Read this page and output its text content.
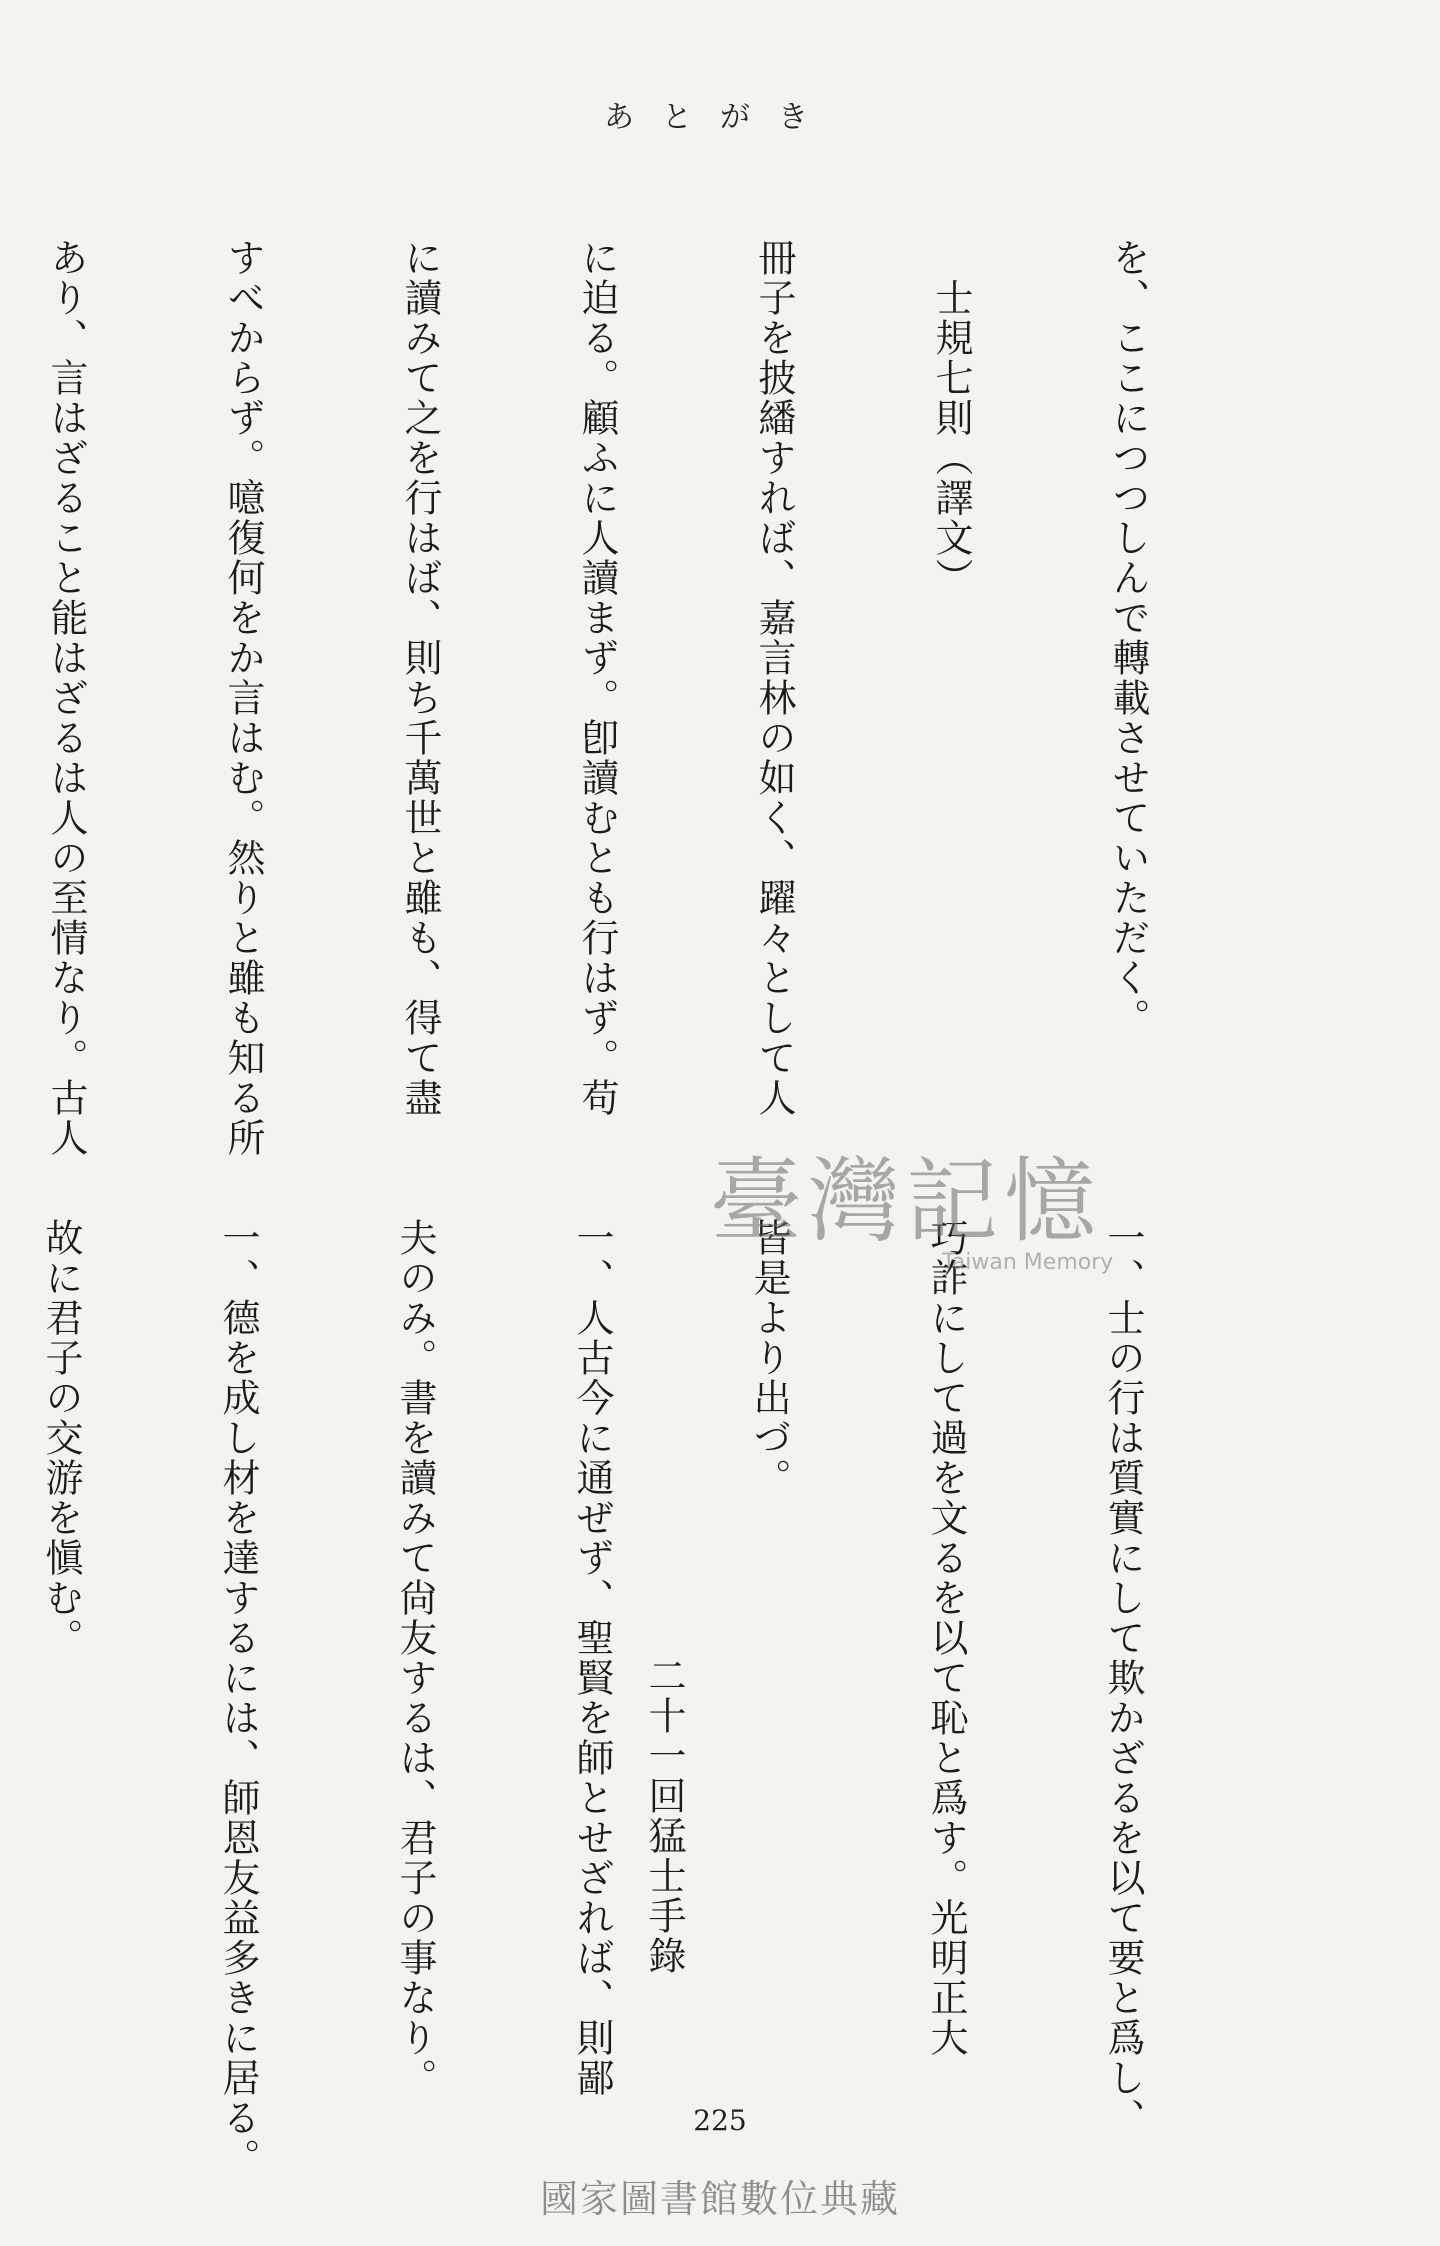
あとがき

を、ここにつつしんで轉載させていただく。

　士規七則（譯文）

冊子を披繙すれば、嘉言林の如く、躍々として人

に迫る。顧ふに人讀まず。卽讀むとも行はず。苟

に讀みて之を行はば、則ち千萬世と雖も、得て盡

すべからず。噫復何をか言はむ。然りと雖も知る所

あり、言はざること能はざるは人の至情なり。古人

一、士の行は質實にして欺かざるを以て要と爲し、

巧詐にして過を文るを以て恥と爲す。光明正大

皆是より出づ。

一、人古今に通ぜず、聖賢を師とせざれば、則鄙

夫のみ。書を讀みて尙友するは、君子の事なり。

一、德を成し材を達するには、師恩友益多きに居る。

故に君子の交游を愼む。

二十一回猛士手錄
臺灣記憶
Taiwan Memory
225
國家圖書館數位典藏
